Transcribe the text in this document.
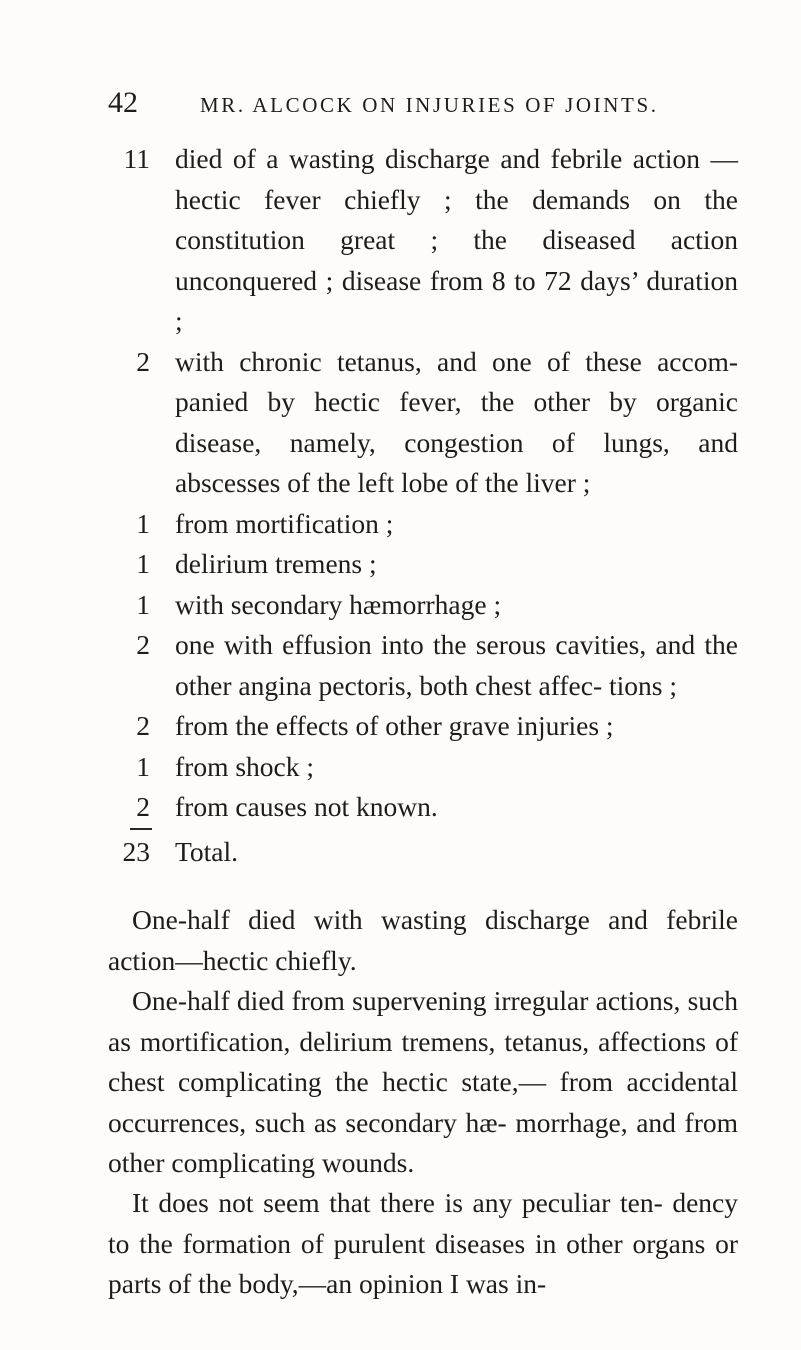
42	MR. ALCOCK ON INJURIES OF JOINTS.
11 died of a wasting discharge and febrile action —hectic fever chiefly ; the demands on the constitution great ; the diseased action unconquered ; disease from 8 to 72 days’ duration ;
2 with chronic tetanus, and one of these accom- panied by hectic fever, the other by organic disease, namely, congestion of lungs, and abscesses of the left lobe of the liver ;
1 from mortification ;
1 delirium tremens ;
1 with secondary hæmorrhage ;
2 one with effusion into the serous cavities, and the other angina pectoris, both chest affec- tions ;
2 from the effects of other grave injuries ;
1 from shock ;
2 from causes not known.
23 Total.

One-half died with wasting discharge and febrile action—hectic chiefly.

One-half died from supervening irregular actions, such as mortification, delirium tremens, tetanus, affections of chest complicating the hectic state,— from accidental occurrences, such as secondary hæ- morrhage, and from other complicating wounds.

It does not seem that there is any peculiar ten- dency to the formation of purulent diseases in other organs or parts of the body,—an opinion I was in-
